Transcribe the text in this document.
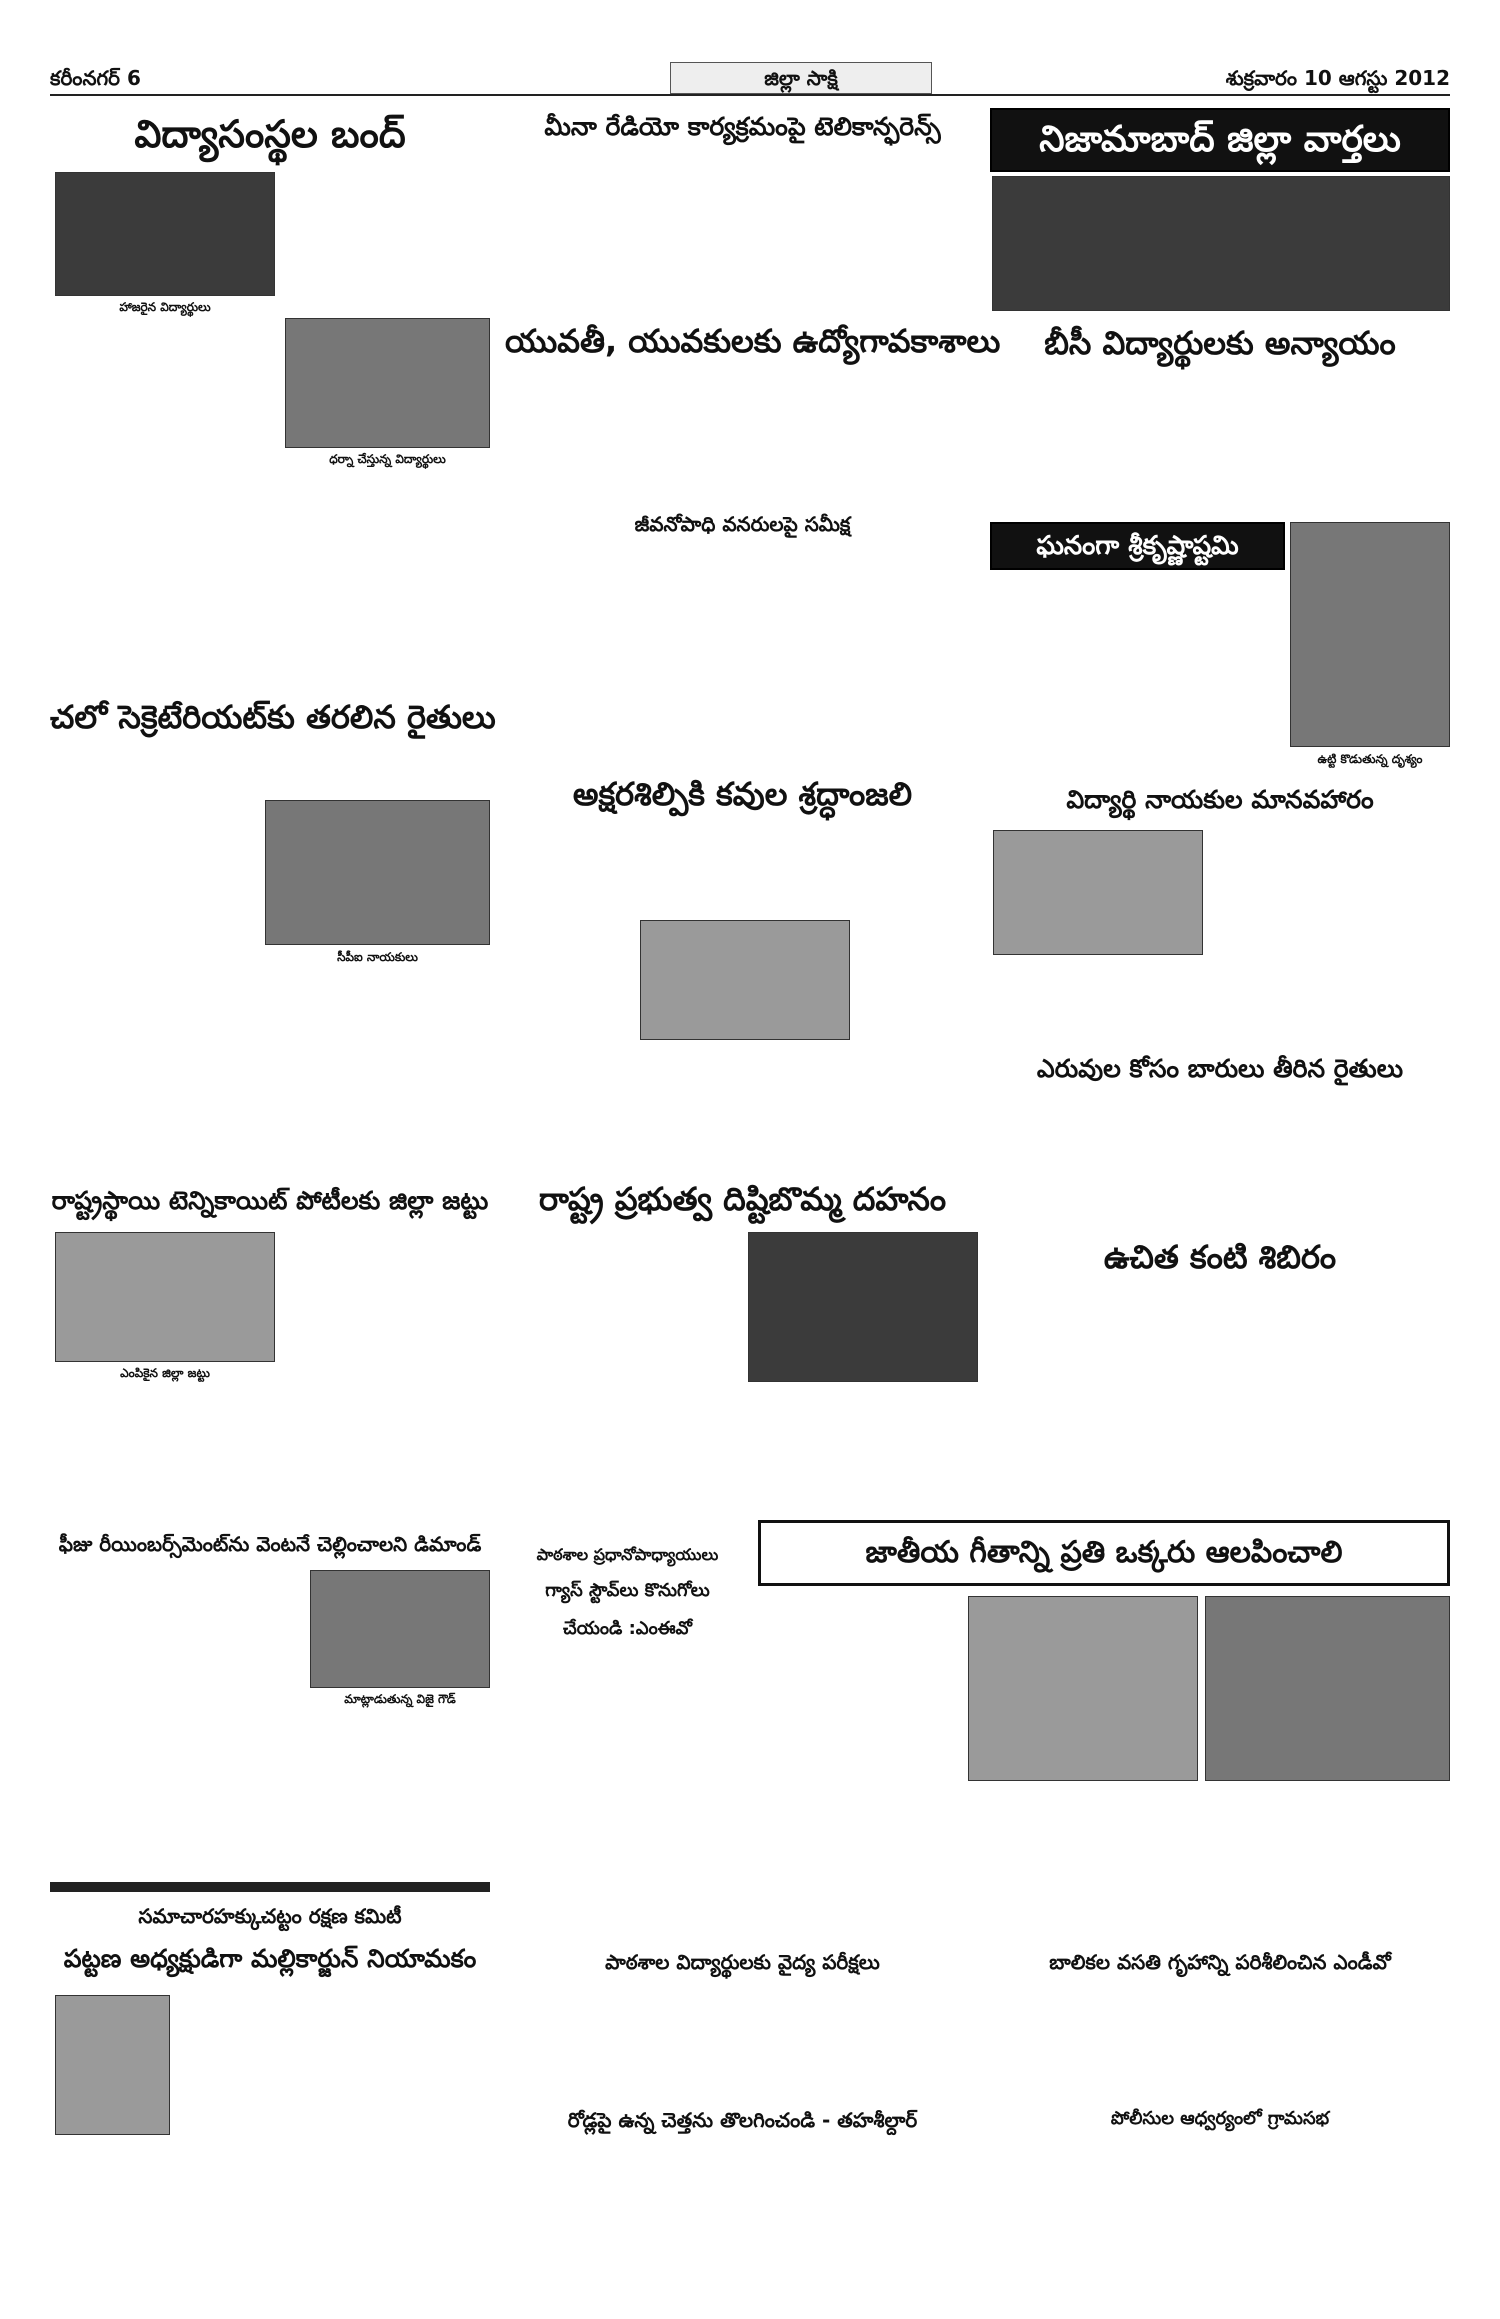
కరీంనగర్ 6	జిల్లా సాక్షి	శుక్రవారం 10 ఆగస్టు 2012
విద్యాసంస్థల బంద్
హాజరైన విద్యార్థులు
ధర్నా చేస్తున్న విద్యార్థులు
చలో సెక్రెటేరియట్‌కు తరలిన రైతులు
సీపీఐ నాయకులు
రాష్ట్రస్థాయి టెన్నికాయిట్ పోటీలకు జిల్లా జట్టు
ఎంపికైన జిల్లా జట్టు
ఫీజు రీయింబర్స్‌మెంట్‌ను వెంటనే చెల్లించాలని డిమాండ్
మాట్లాడుతున్న విజై గౌడ్
సమాచారహక్కుచట్టం రక్షణ కమిటీ
పట్టణ అధ్యక్షుడిగా మల్లికార్జున్ నియామకం
మీనా రేడియో కార్యక్రమంపై టెలికాన్ఫరెన్స్
యువతీ, యువకులకు ఉద్యోగావకాశాలు
జీవనోపాధి వనరులపై సమీక్ష
అక్షరశిల్పికి కవుల శ్రద్ధాంజలి
రాష్ట్ర ప్రభుత్వ దిష్టిబొమ్మ దహనం
పాఠశాల ప్రధానోపాధ్యాయులు
గ్యాస్ స్టౌవ్‌లు కొనుగోలు
చేయండి :ఎంఈవో
పాఠశాల విద్యార్థులకు వైద్య పరీక్షలు
రోడ్లపై ఉన్న చెత్తను తొలగించండి - తహశీల్దార్
నిజామాబాద్ జిల్లా వార్తలు
బీసీ విద్యార్థులకు అన్యాయం
ఘనంగా శ్రీకృష్ణాష్టమి వేడుకలు
ఉట్టి కొడుతున్న దృశ్యం
విద్యార్థి నాయకుల మానవహారం
ఎరువుల కోసం బారులు తీరిన రైతులు
ఉచిత కంటి శిబిరం
జాతీయ గీతాన్ని ప్రతి ఒక్కరు ఆలపించాలి
బాలికల వసతి గృహాన్ని పరిశీలించిన ఎండీవో
పోలీసుల ఆధ్వర్యంలో గ్రామసభ
